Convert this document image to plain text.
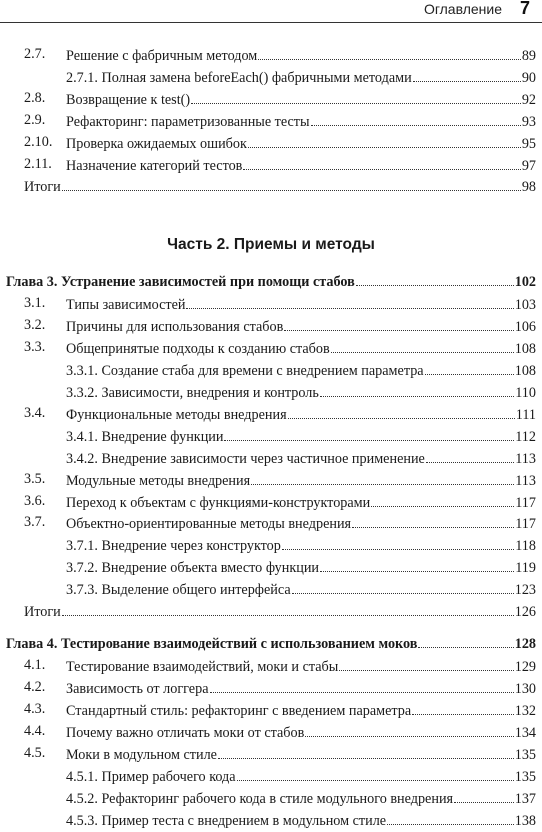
Оглавление 7
2.7. Решение с фабричным методом	89
2.7.1. Полная замена beforeEach() фабричными методами	90
2.8. Возвращение к test()	92
2.9. Рефакторинг: параметризованные тесты	93
2.10. Проверка ожидаемых ошибок	95
2.11. Назначение категорий тестов	97
Итоги	98
Глава 3. Устранение зависимостей при помощи стабов	102
3.1. Типы зависимостей	103
3.2. Причины для использования стабов	106
3.3. Общепринятые подходы к созданию стабов	108
3.3.1. Создание стаба для времени с внедрением параметра	108
3.3.2. Зависимости, внедрения и контроль	110
3.4. Функциональные методы внедрения	111
3.4.1. Внедрение функции	112
3.4.2. Внедрение зависимости через частичное применение	113
3.5. Модульные методы внедрения	113
3.6. Переход к объектам с функциями-конструкторами	117
3.7. Объектно-ориентированные методы внедрения	117
3.7.1. Внедрение через конструктор	118
3.7.2. Внедрение объекта вместо функции	119
3.7.3. Выделение общего интерфейса	123
Итоги	126
Глава 4. Тестирование взаимодействий с использованием моков	128
4.1. Тестирование взаимодействий, моки и стабы	129
4.2. Зависимость от логгера	130
4.3. Стандартный стиль: рефакторинг с введением параметра	132
4.4. Почему важно отличать моки от стабов	134
4.5. Моки в модульном стиле	135
4.5.1. Пример рабочего кода	135
4.5.2. Рефакторинг рабочего кода в стиле модульного внедрения	137
4.5.3. Пример теста с внедрением в модульном стиле	138
Часть 2. Приемы и методы
